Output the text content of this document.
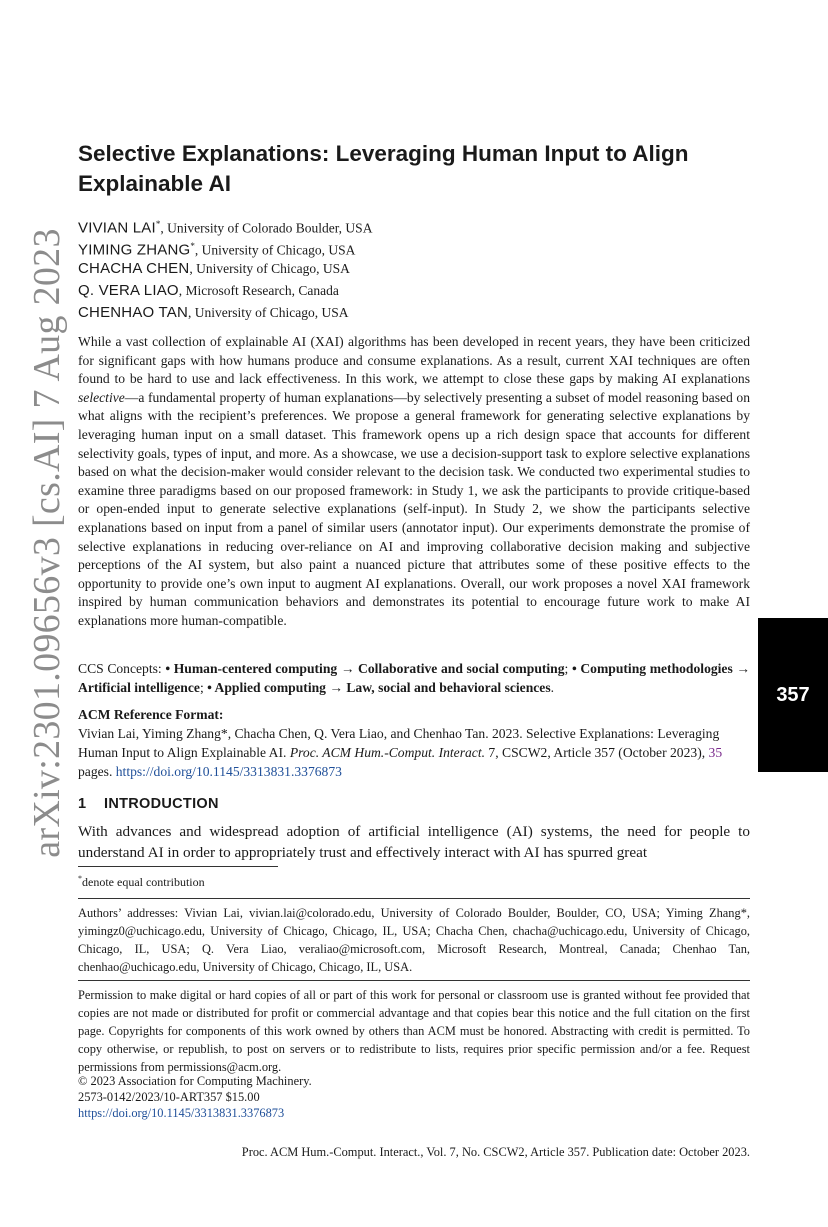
arXiv:2301.09656v3 [cs.AI] 7 Aug 2023	357
Selective Explanations: Leveraging Human Input to Align Explainable AI
VIVIAN LAI*, University of Colorado Boulder, USA
YIMING ZHANG*, University of Chicago, USA
CHACHA CHEN, University of Chicago, USA
Q. VERA LIAO, Microsoft Research, Canada
CHENHAO TAN, University of Chicago, USA

While a vast collection of explainable AI (XAI) algorithms has been developed in recent years, they have been criticized for significant gaps with how humans produce and consume explanations. As a result, current XAI techniques are often found to be hard to use and lack effectiveness. In this work, we attempt to close these gaps by making AI explanations selective—a fundamental property of human explanations—by selectively presenting a subset of model reasoning based on what aligns with the recipient’s preferences. We propose a general framework for generating selective explanations by leveraging human input on a small dataset. This framework opens up a rich design space that accounts for different selectivity goals, types of input, and more. As a showcase, we use a decision-support task to explore selective explanations based on what the decision-maker would consider relevant to the decision task. We conducted two experimental studies to examine three paradigms based on our proposed framework: in Study 1, we ask the participants to provide critique-based or open-ended input to generate selective explanations (self-input). In Study 2, we show the participants selective explanations based on input from a panel of similar users (annotator input). Our experiments demonstrate the promise of selective explanations in reducing over-reliance on AI and improving collaborative decision making and subjective perceptions of the AI system, but also paint a nuanced picture that attributes some of these positive effects to the opportunity to provide one’s own input to augment AI explanations. Overall, our work proposes a novel XAI framework inspired by human communication behaviors and demonstrates its potential to encourage future work to make AI explanations more human-compatible.

CCS Concepts: • Human-centered computing → Collaborative and social computing; • Computing methodologies → Artificial intelligence; • Applied computing → Law, social and behavioral sciences.

ACM Reference Format:

Vivian Lai, Yiming Zhang*, Chacha Chen, Q. Vera Liao, and Chenhao Tan. 2023. Selective Explanations: Leveraging Human Input to Align Explainable AI. Proc. ACM Hum.-Comput. Interact. 7, CSCW2, Article 357 (October 2023), 35 pages. https://doi.org/10.1145/3313831.3376873

1 INTRODUCTION

With advances and widespread adoption of artificial intelligence (AI) systems, the need for people to understand AI in order to appropriately trust and effectively interact with AI has spurred great

*denote equal contribution

Authors’ addresses: Vivian Lai, vivian.lai@colorado.edu, University of Colorado Boulder, Boulder, CO, USA; Yiming Zhang*, yimingz0@uchicago.edu, University of Chicago, Chicago, IL, USA; Chacha Chen, chacha@uchicago.edu, University of Chicago, Chicago, IL, USA; Q. Vera Liao, veraliao@microsoft.com, Microsoft Research, Montreal, Canada; Chenhao Tan, chenhao@uchicago.edu, University of Chicago, Chicago, IL, USA.

Permission to make digital or hard copies of all or part of this work for personal or classroom use is granted without fee provided that copies are not made or distributed for profit or commercial advantage and that copies bear this notice and the full citation on the first page. Copyrights for components of this work owned by others than ACM must be honored. Abstracting with credit is permitted. To copy otherwise, or republish, to post on servers or to redistribute to lists, requires prior specific permission and/or a fee. Request permissions from permissions@acm.org.

© 2023 Association for Computing Machinery.

2573-0142/2023/10-ART357 $15.00

https://doi.org/10.1145/3313831.3376873

Proc. ACM Hum.-Comput. Interact., Vol. 7, No. CSCW2, Article 357. Publication date: October 2023.
